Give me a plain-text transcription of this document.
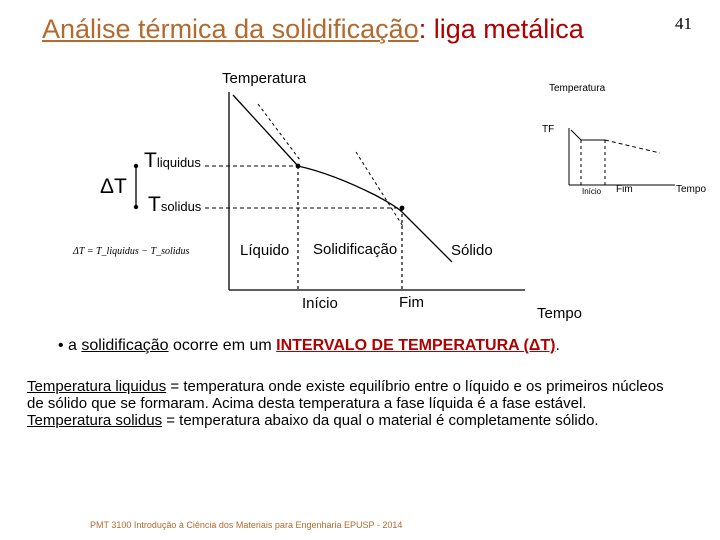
Análise térmica da solidificação: liga metálica	41
Temperatura
Tempo
Tliquidus
Tsolidus
ΔT
Líquido Solidificação	Sólido
Início	Fim
Temperatura
TF
Início Fim	Tempo
ΔT = T_liquidus − T_solidus
• a solidificação ocorre em um INTERVALO DE TEMPERATURA (ΔT).
Temperatura liquidus = temperatura onde existe equilíbrio entre o líquido e os primeiros núcleos de sólido que se formaram. Acima desta temperatura a fase líquida é a fase estável.
Temperatura solidus = temperatura abaixo da qual o material é completamente sólido.
PMT 3100 Introdução à Ciência dos Materiais para Engenharia EPUSP - 2014
